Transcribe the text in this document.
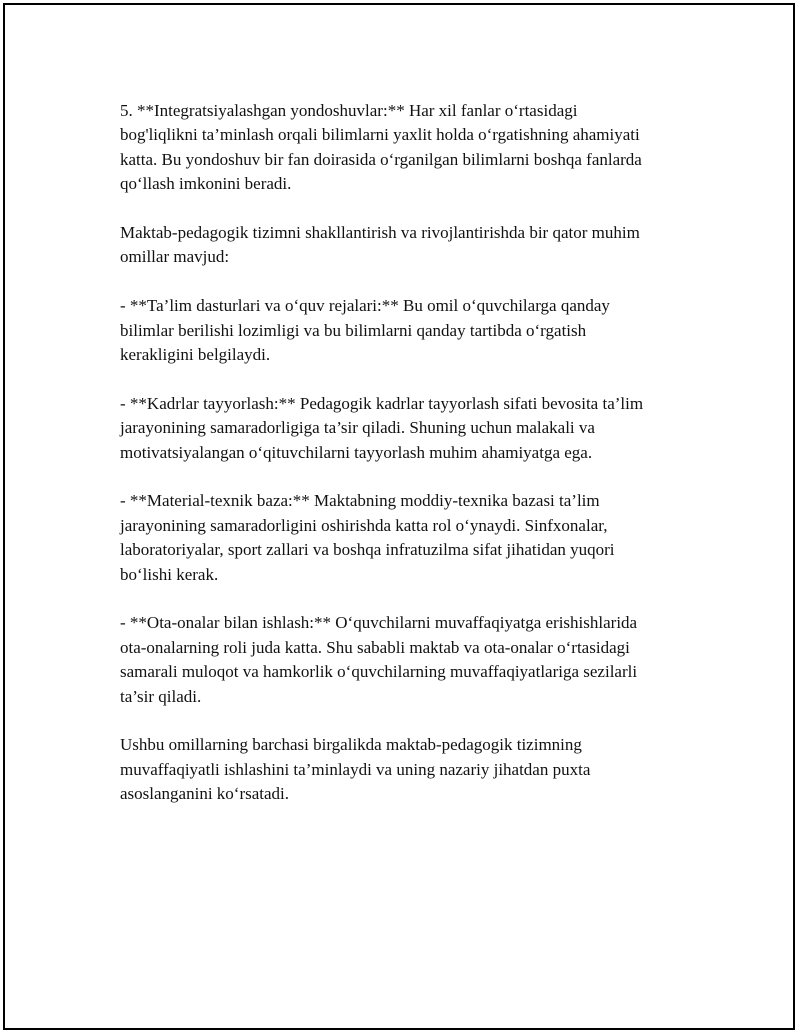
5. **Integratsiyalashgan yondoshuvlar:** Har xil fanlar o‘rtasidagi
bog'liqlikni ta’minlash orqali bilimlarni yaxlit holda o‘rgatishning ahamiyati
katta. Bu yondoshuv bir fan doirasida o‘rganilgan bilimlarni boshqa fanlarda
qo‘llash imkonini beradi.

Maktab-pedagogik tizimni shakllantirish va rivojlantirishda bir qator muhim
omillar mavjud:

- **Ta’lim dasturlari va o‘quv rejalari:** Bu omil o‘quvchilarga qanday
bilimlar berilishi lozimligi va bu bilimlarni qanday tartibda o‘rgatish
kerakligini belgilaydi.

- **Kadrlar tayyorlash:** Pedagogik kadrlar tayyorlash sifati bevosita ta’lim
jarayonining samaradorligiga ta’sir qiladi. Shuning uchun malakali va
motivatsiyalangan o‘qituvchilarni tayyorlash muhim ahamiyatga ega.

- **Material-texnik baza:** Maktabning moddiy-texnika bazasi ta’lim
jarayonining samaradorligini oshirishda katta rol o‘ynaydi. Sinfxonalar,
laboratoriyalar, sport zallari va boshqa infratuzilma sifat jihatidan yuqori
bo‘lishi kerak.

- **Ota-onalar bilan ishlash:** O‘quvchilarni muvaffaqiyatga erishishlarida
ota-onalarning roli juda katta. Shu sababli maktab va ota-onalar o‘rtasidagi
samarali muloqot va hamkorlik o‘quvchilarning muvaffaqiyatlariga sezilarli
ta’sir qiladi.

Ushbu omillarning barchasi birgalikda maktab-pedagogik tizimning
muvaffaqiyatli ishlashini ta’minlaydi va uning nazariy jihatdan puxta
asoslanganini ko‘rsatadi.
